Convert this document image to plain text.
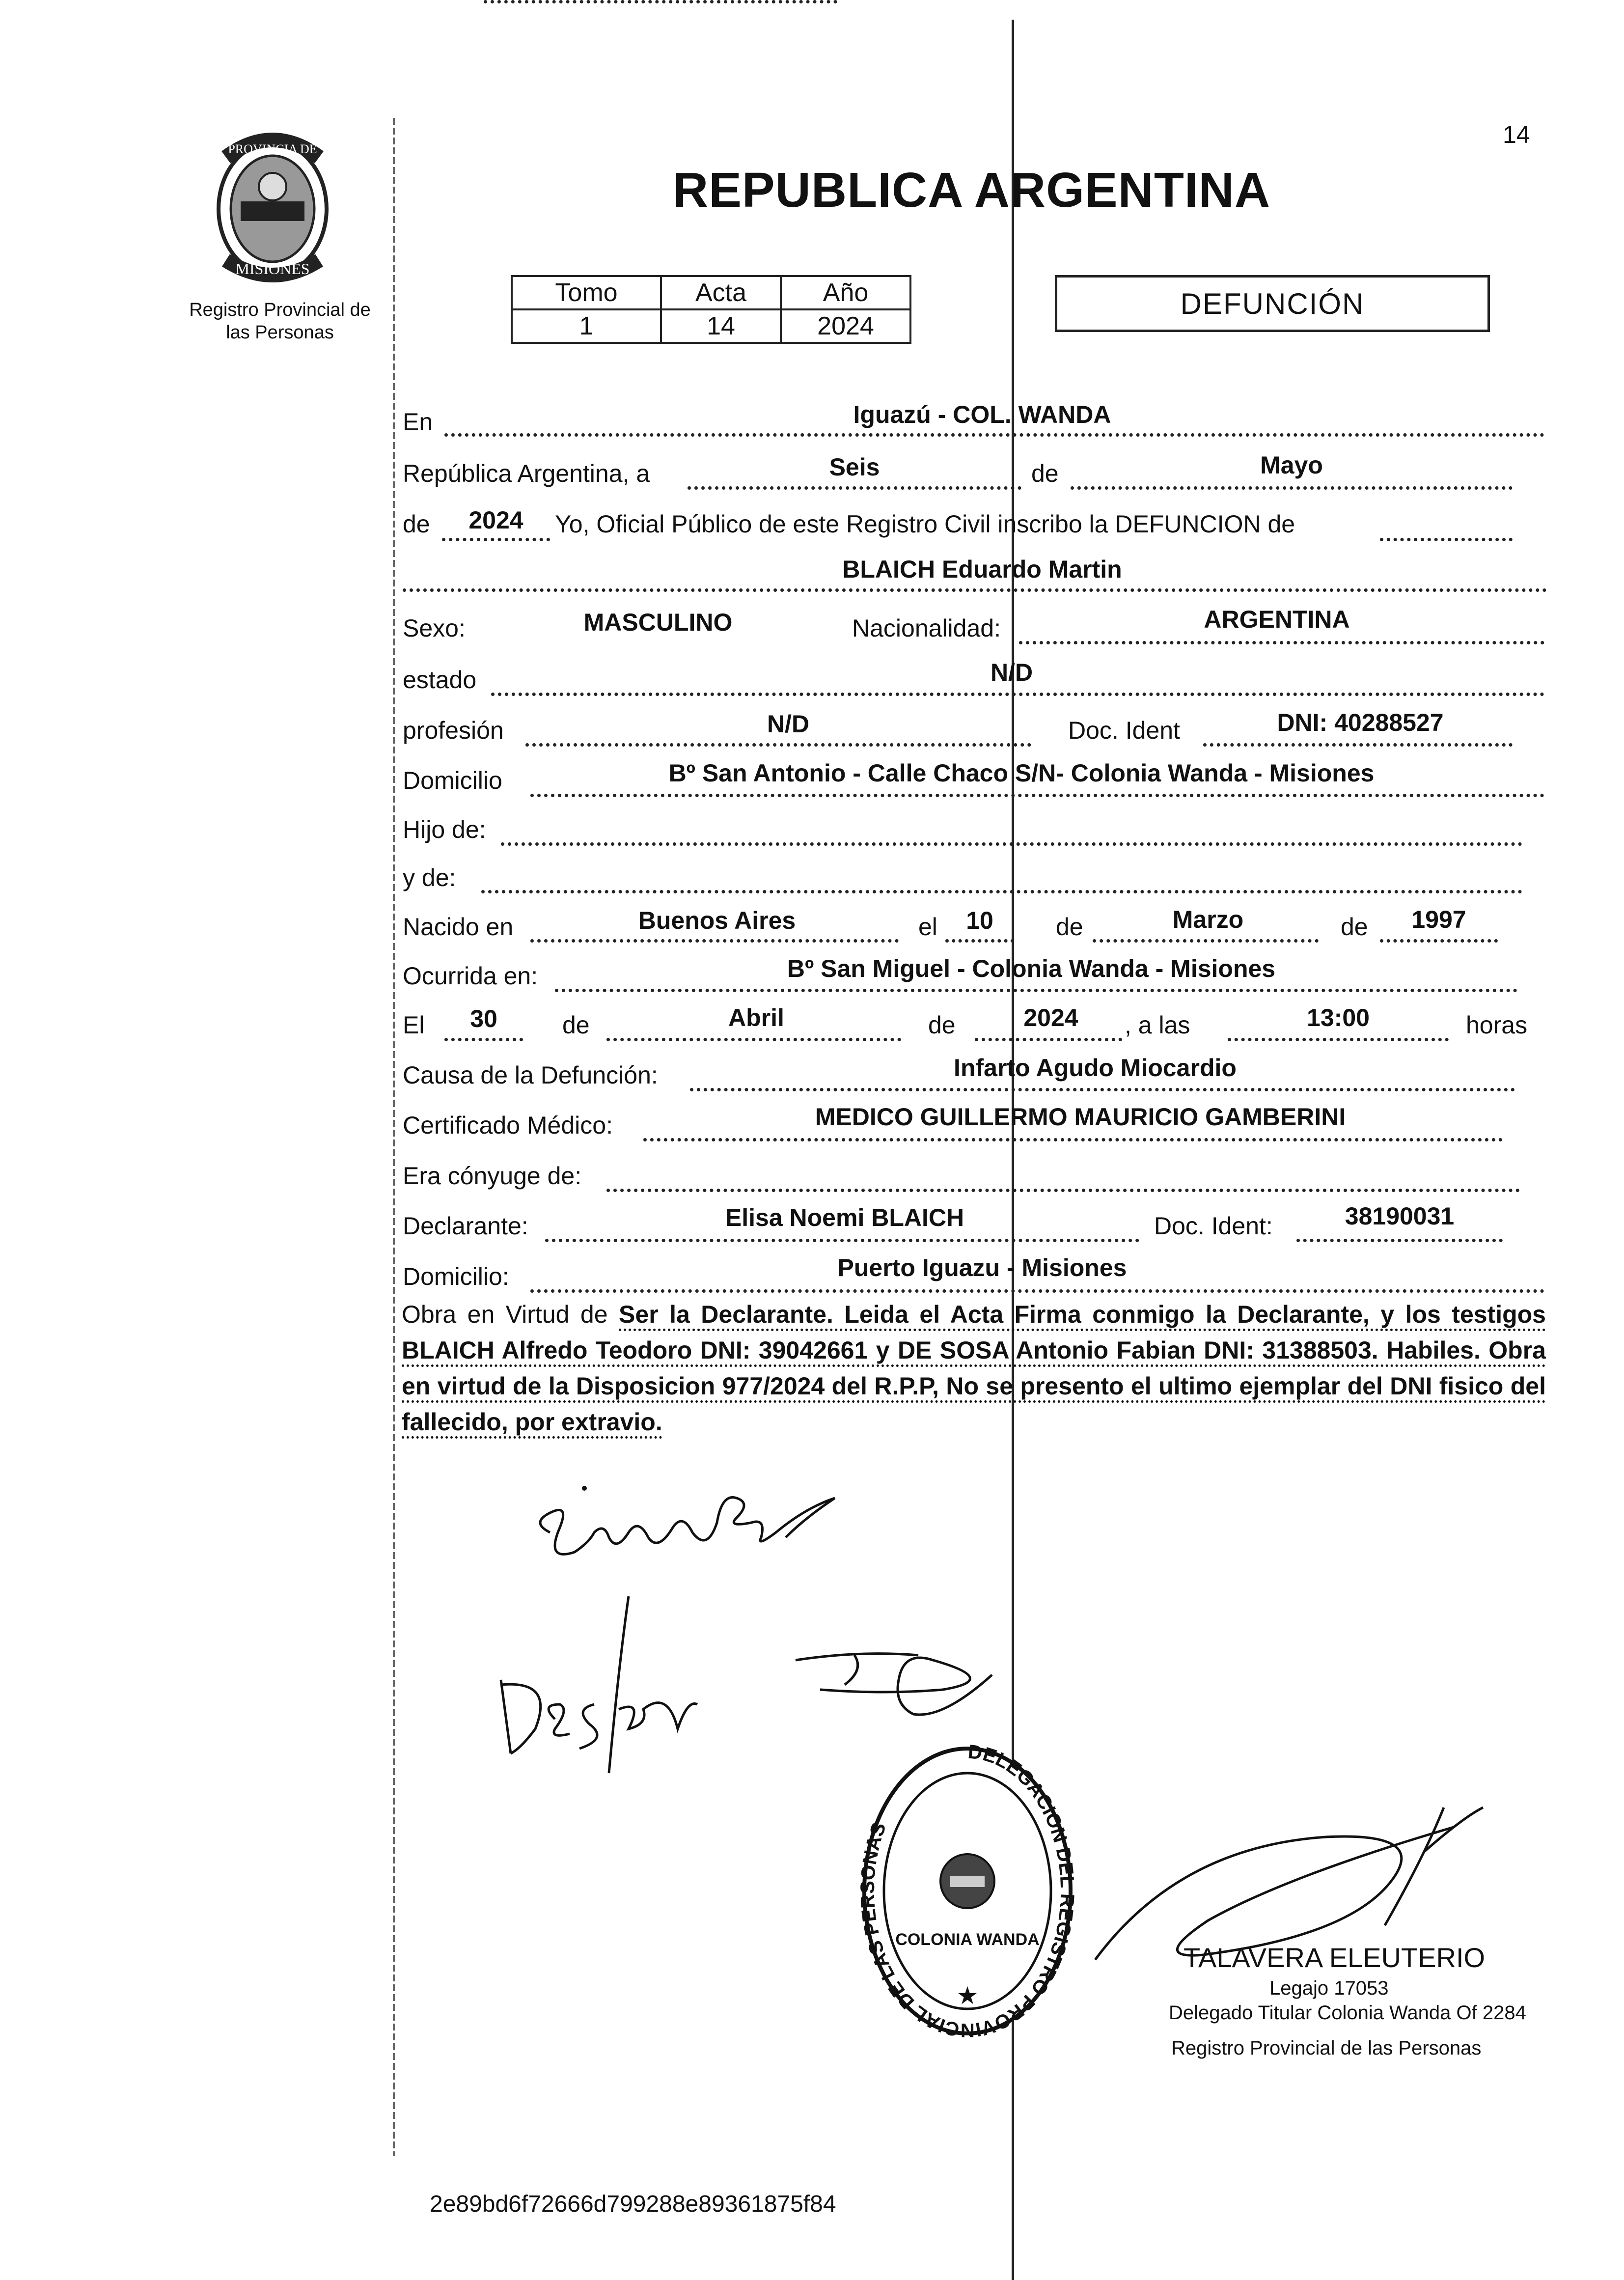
14
PROVINCIA DE
MISIONES
Registro Provincial de
las Personas
REPUBLICA ARGENTINA
Tomo	Acta	Año
1	14	2024
DEFUNCIÓN
En	Iguazú - COL. WANDA
República Argentina, a	Seis	de	Mayo
de	2024	Yo, Oficial Público de este Registro Civil inscribo la DEFUNCION de
BLAICH Eduardo Martin
Sexo:	MASCULINO	Nacionalidad:	ARGENTINA
estado	N/D
profesión	N/D	Doc. Ident	DNI: 40288527
Domicilio	Bº San Antonio - Calle Chaco S/N- Colonia Wanda - Misiones
Hijo de:
y de:
Nacido en	Buenos Aires	el	10	de	Marzo	de	1997
Ocurrida en:	Bº San Miguel - Colonia Wanda - Misiones
El	30	de	Abril	de	2024	, a las	13:00	horas
Causa de la Defunción:	Infarto Agudo Miocardio
Certificado Médico:	MEDICO GUILLERMO MAURICIO GAMBERINI
Era cónyuge de:
Declarante:	Elisa Noemi BLAICH	Doc. Ident:	38190031
Domicilio:	Puerto Iguazu - Misiones
Obra en Virtud de Ser la Declarante. Leida el Acta Firma conmigo la Declarante, y los testigos BLAICH Alfredo Teodoro DNI: 39042661 y DE SOSA Antonio Fabian DNI: 31388503. Habiles. Obra en virtud de la Disposicion 977/2024 del R.P.P, No se presento el ultimo ejemplar del DNI fisico del fallecido, por extravio.
DELEGACION DEL REGISTRO PROVINCIAL DE LAS PERSONAS
COLONIA WANDA
★
TALAVERA ELEUTERIO
Legajo 17053
Delegado Titular Colonia Wanda Of 2284
Registro Provincial de las Personas
2e89bd6f72666d799288e89361875f84
